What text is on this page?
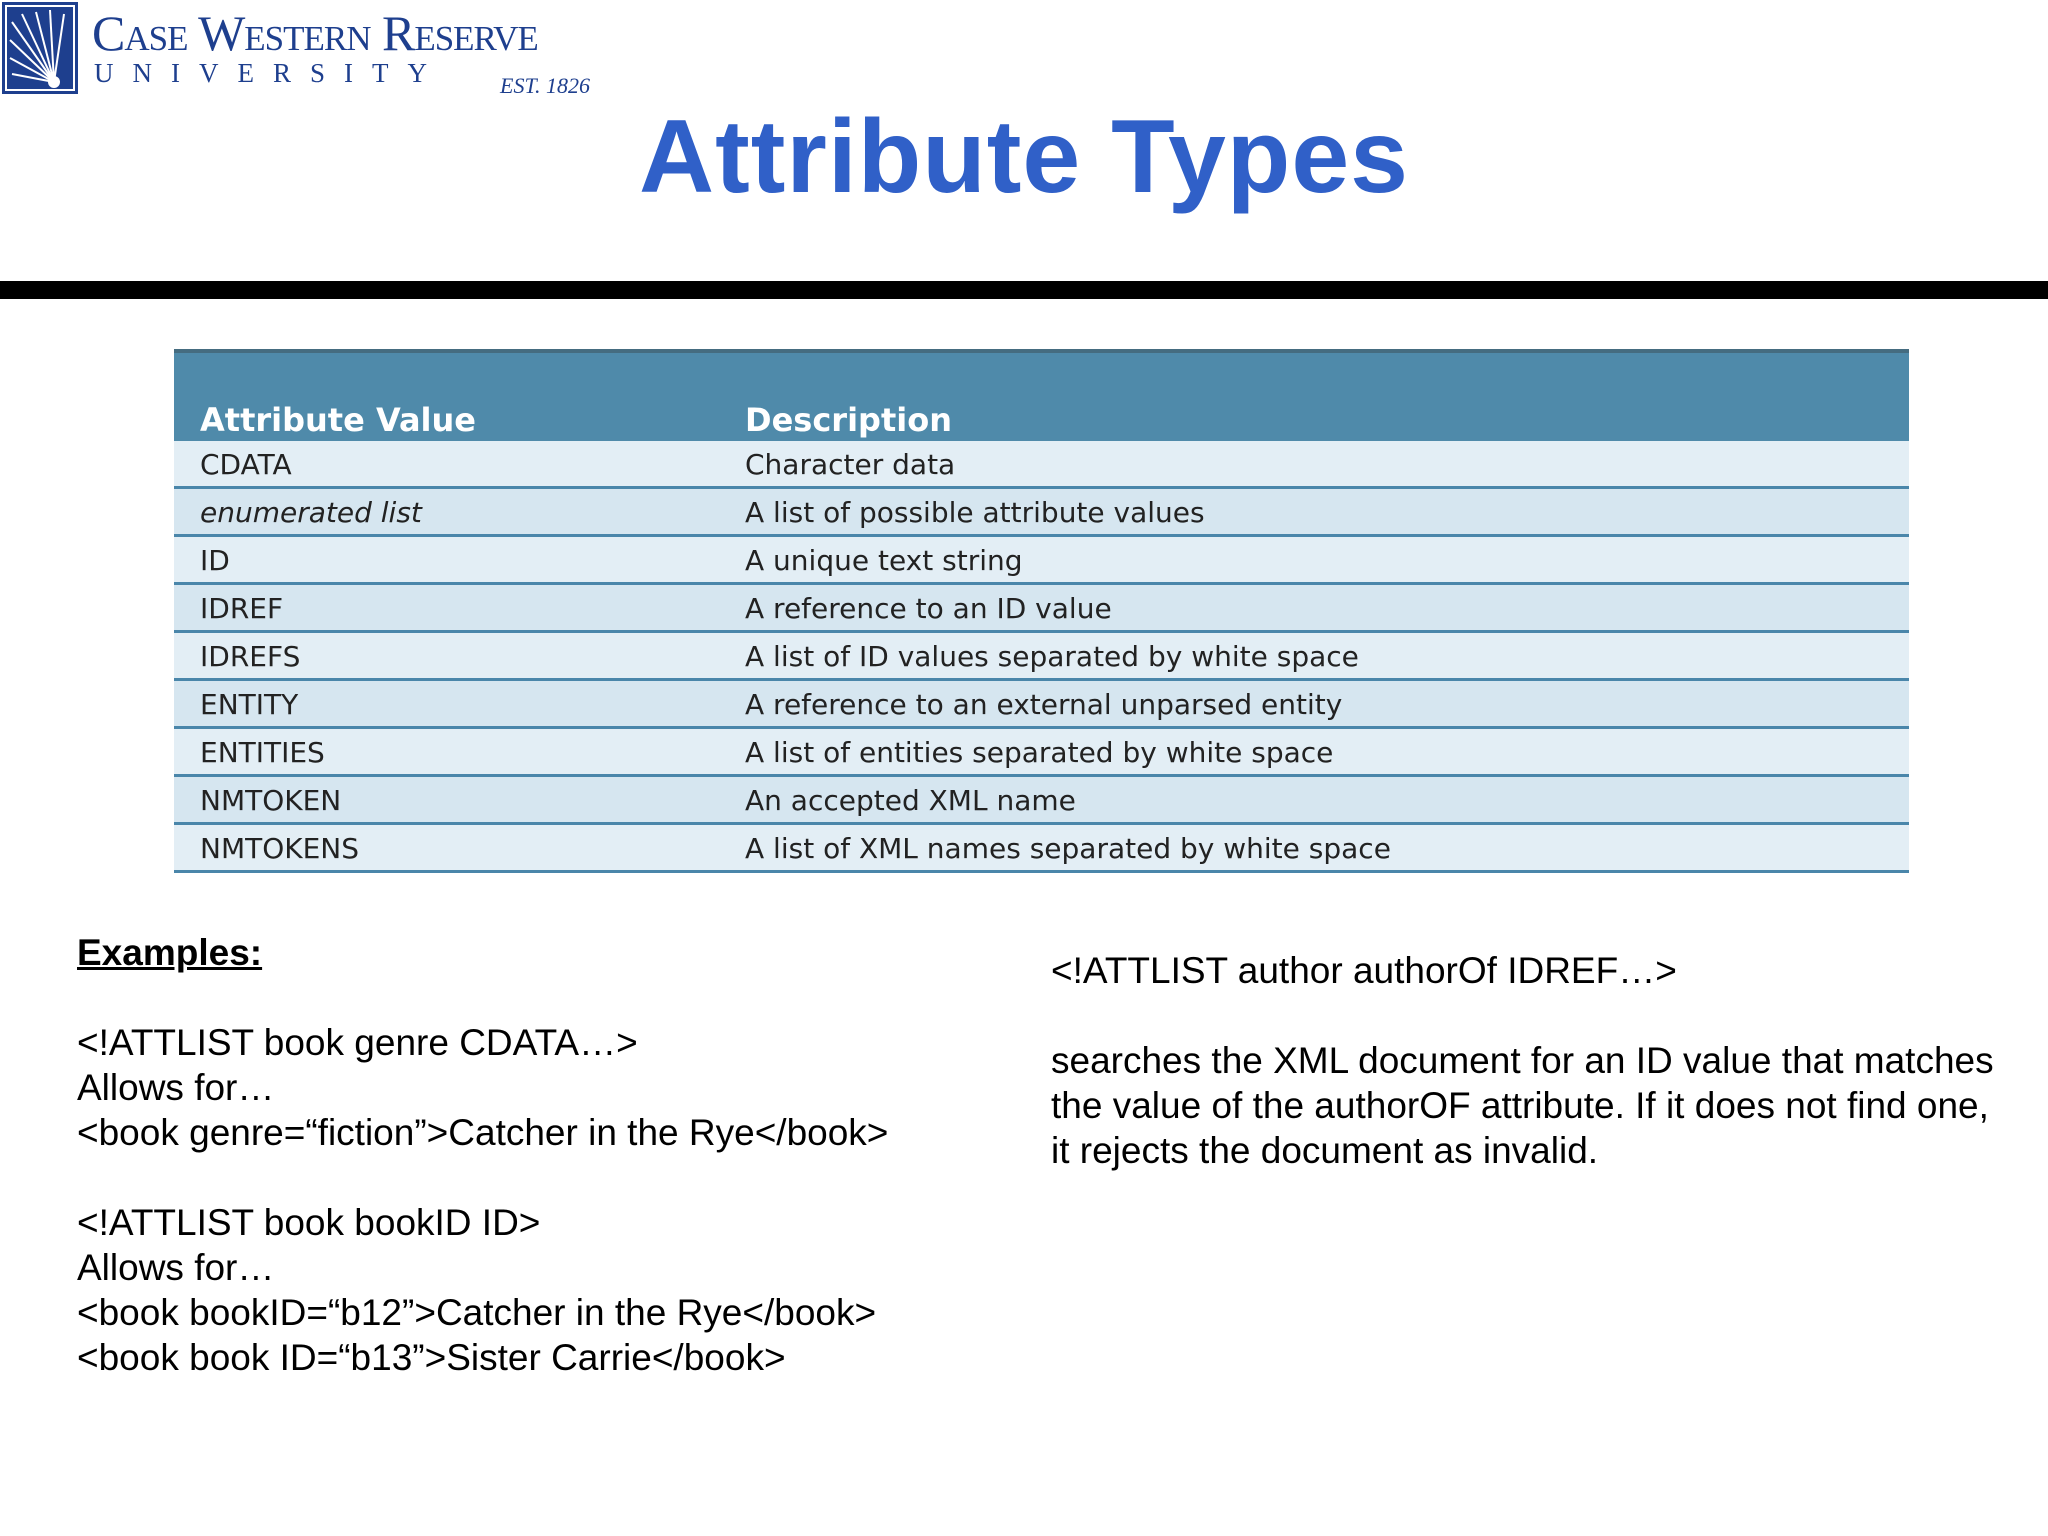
Case Western Reserve
UNIVERSITY EST. 1826
Attribute Types
Attribute Value	Description
CDATA	Character data
enumerated list	A list of possible attribute values
ID	A unique text string
IDREF	A reference to an ID value
IDREFS	A list of ID values separated by white space
ENTITY	A reference to an external unparsed entity
ENTITIES	A list of entities separated by white space
NMTOKEN	An accepted XML name
NMTOKENS	A list of XML names separated by white space
Examples:
<!ATTLIST book genre CDATA…>
Allows for…
<book genre=“fiction”>Catcher in the Rye</book>
<!ATTLIST book bookID ID>
Allows for…
<book bookID=“b12”>Catcher in the Rye</book>
<book book ID=“b13”>Sister Carrie</book>
<!ATTLIST author authorOf IDREF…>
searches the XML document for an ID value that matches the value of the authorOF attribute. If it does not find one, it rejects the document as invalid.
